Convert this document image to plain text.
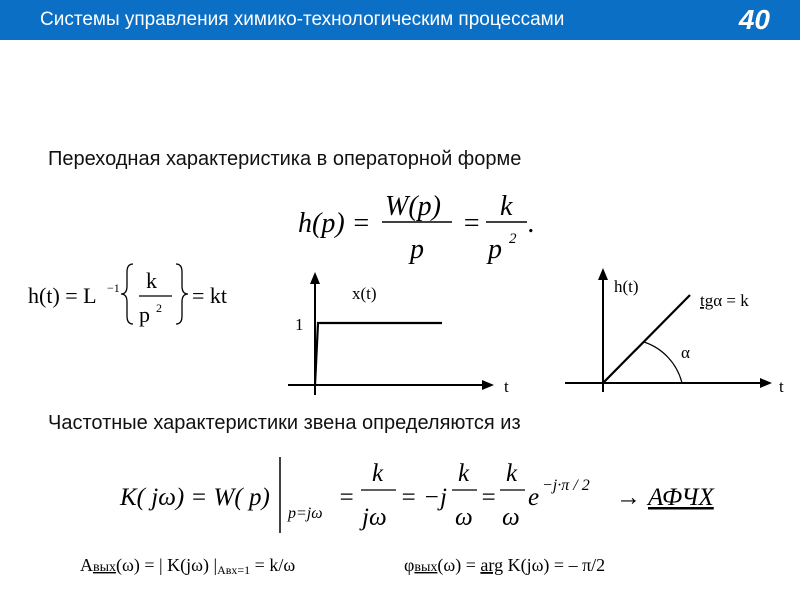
Системы управления химико-технологическим процессами	40
Переходная характеристика в операторной форме
Частотные характеристики звена определяются из
h(p) =
W(p)
p
=
k
p 2 .
h(t) = L −1 k
p 2 = kt	x(t)
t
1
h(t)
t
tgα = k
α
K( jω) = W( p)
p=jω
=
k
jω
= −j
k
ω
=
k
ω
e −j·π / 2 → АФЧХ
Авых(ω) = | K(jω) |Авх=1 = k/ω	φвых(ω) = arg K(jω) = – π/2
